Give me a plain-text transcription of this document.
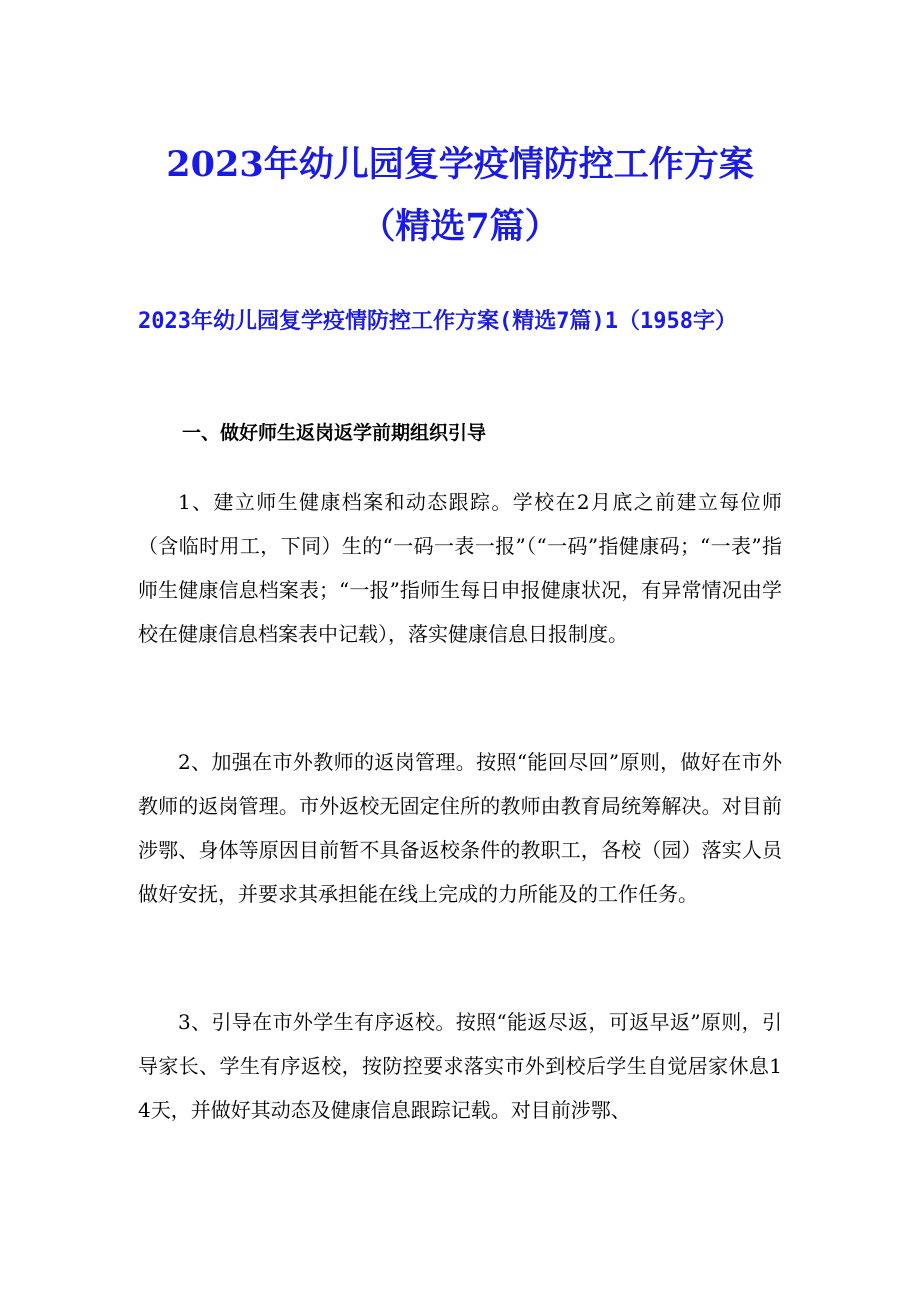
2023年幼儿园复学疫情防控工作方案（精选7篇）
2023年幼儿园复学疫情防控工作方案(精选7篇)1（1958字）
一、做好师生返岗返学前期组织引导

1、建立师生健康档案和动态跟踪。学校在2月底之前建立每位师（含临时用工，下同）生的“一码一表一报”（“一码”指健康码；“一表”指师生健康信息档案表；“一报”指师生每日申报健康状况，有异常情况由学校在健康信息档案表中记载），落实健康信息日报制度。

2、加强在市外教师的返岗管理。按照“能回尽回”原则，做好在市外教师的返岗管理。市外返校无固定住所的教师由教育局统筹解决。对目前涉鄂、身体等原因目前暂不具备返校条件的教职工，各校（园）落实人员做好安抚，并要求其承担能在线上完成的力所能及的工作任务。

3、引导在市外学生有序返校。按照“能返尽返，可返早返”原则，引导家长、学生有序返校，按防控要求落实市外到校后学生自觉居家休息14天，并做好其动态及健康信息跟踪记载。对目前涉鄂、
